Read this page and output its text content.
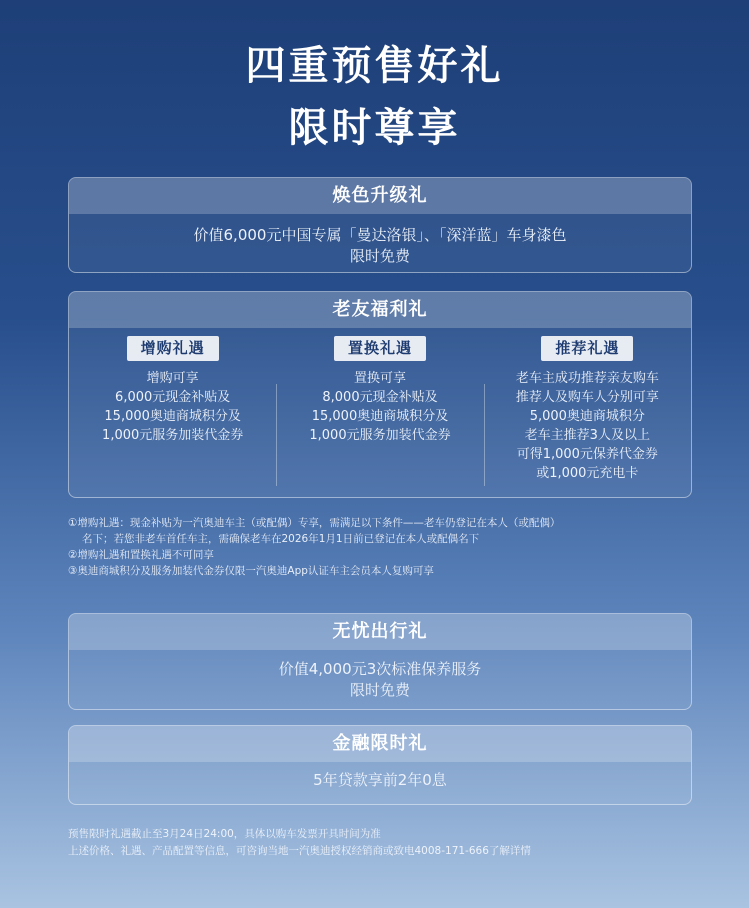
四重预售好礼
限时尊享
焕色升级礼
价值6,000元中国专属「曼达洛银」、「深洋蓝」车身漆色
限时免费
老友福利礼
增购礼遇
增购可享
6,000元现金补贴及
15,000奥迪商城积分及
1,000元服务加装代金券
置换礼遇
置换可享
8,000元现金补贴及
15,000奥迪商城积分及
1,000元服务加装代金券
推荐礼遇
老车主成功推荐亲友购车
推荐人及购车人分别可享
5,000奥迪商城积分
老车主推荐3人及以上
可得1,000元保养代金券
或1,000元充电卡
①增购礼遇：现金补贴为一汽奥迪车主（或配偶）专享，需满足以下条件——老车仍登记在本人（或配偶）
名下；若您非老车首任车主，需确保老车在2026年1月1日前已登记在本人或配偶名下
②增购礼遇和置换礼遇不可同享
③奥迪商城积分及服务加装代金券仅限一汽奥迪App认证车主会员本人复购可享
无忧出行礼
价值4,000元3次标准保养服务
限时免费
金融限时礼
5年贷款享前2年0息
预售限时礼遇截止至3月24日24:00，具体以购车发票开具时间为准
上述价格、礼遇、产品配置等信息，可咨询当地一汽奥迪授权经销商或致电4008-171-666了解详情
